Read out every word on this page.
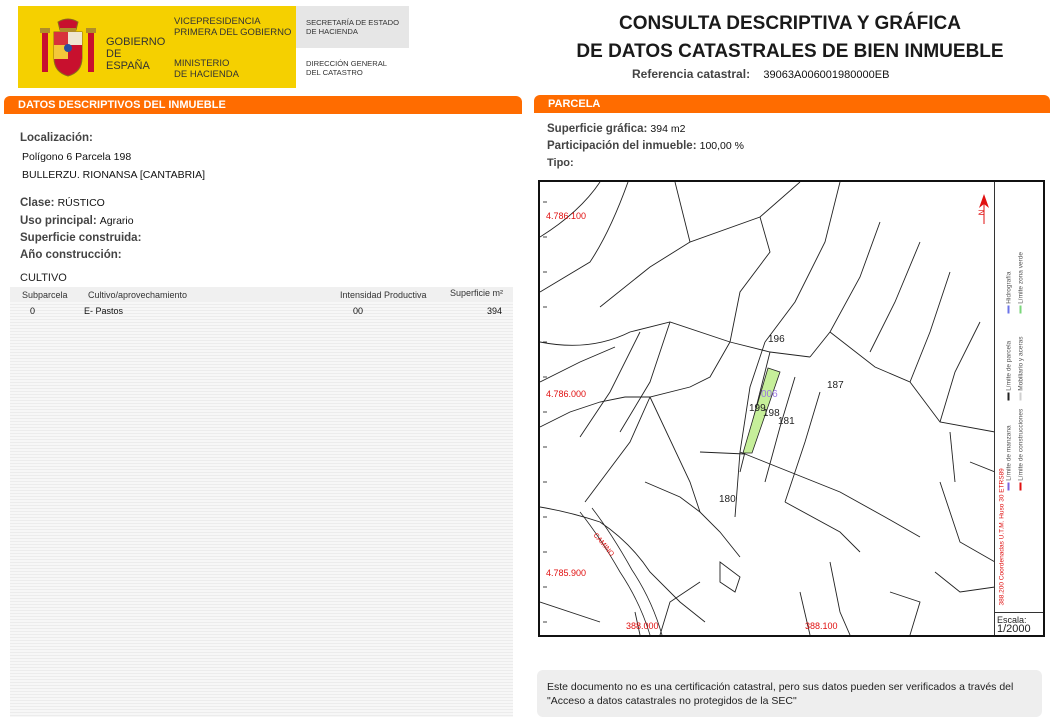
GOBIERNO
DE ESPAÑA
VICEPRESIDENCIA
PRIMERA DEL GOBIERNO
MINISTERIO
DE HACIENDA
SECRETARÍA DE ESTADO
DE HACIENDA
DIRECCIÓN GENERAL
DEL CATASTRO
CONSULTA DESCRIPTIVA Y GRÁFICA
DE DATOS CATASTRALES DE BIEN INMUEBLE
Referencia catastral: 39063A006001980000EB
DATOS DESCRIPTIVOS DEL INMUEBLE	PARCELA
Localización:
Polígono 6 Parcela 198
BULLERZU. RIONANSA [CANTABRIA]
Clase: RÚSTICO
Uso principal: Agrario
Superficie construida:
Año construcción:
CULTIVO
Subparcela Cultivo/aprovechamiento	Intensidad Productiva	Superficie m²
0	E- Pastos	00	394
Superficie gráfica: 394 m2
Participación del inmueble: 100,00 %
Tipo:
4.786.100
4.786.000
4.785.900
388.000	388.100
196
187
199
198
181
180
006
CAMINO
N
Hidrografía Límite zona verde
Límite de parcela Mobiliario y aceras
Límite de manzana Límite de construcciones
388.200 Coordenadas U.T.M. Huso 30 ETRS89
Escala:
1/2000
Este documento no es una certificación catastral, pero sus datos pueden ser verificados a través del "Acceso a datos catastrales no protegidos de la SEC"
